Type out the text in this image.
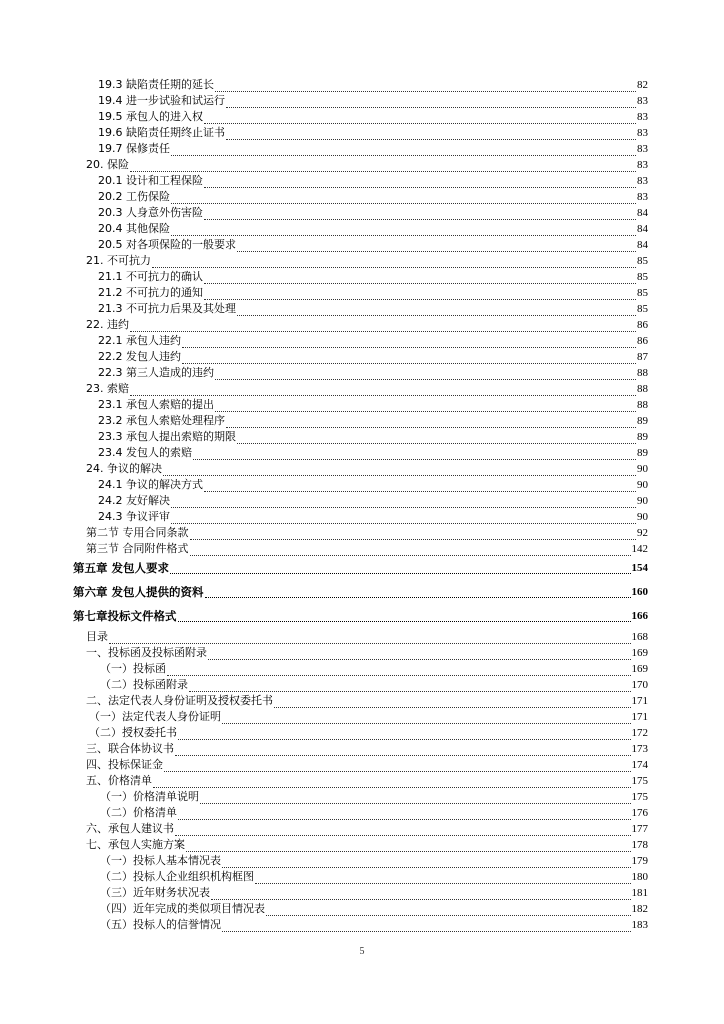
19.3 缺陷责任期的延长	82
19.4 进一步试验和试运行	83
19.5 承包人的进入权	83
19.6 缺陷责任期终止证书	83
19.7 保修责任	83
20. 保险	83
20.1 设计和工程保险	83
20.2 工伤保险	83
20.3 人身意外伤害险	84
20.4 其他保险	84
20.5 对各项保险的一般要求	84
21. 不可抗力	85
21.1 不可抗力的确认	85
21.2 不可抗力的通知	85
21.3 不可抗力后果及其处理	85
22. 违约	86
22.1 承包人违约	86
22.2 发包人违约	87
22.3 第三人造成的违约	88
23. 索赔	88
23.1 承包人索赔的提出	88
23.2 承包人索赔处理程序	89
23.3 承包人提出索赔的期限	89
23.4 发包人的索赔	89
24. 争议的解决	90
24.1 争议的解决方式	90
24.2 友好解决	90
24.3 争议评审	90
第二节 专用合同条款	92
第三节 合同附件格式	142
第五章 发包人要求	154
第六章 发包人提供的资料	160
第七章投标文件格式	166
目录	168
一、投标函及投标函附录	169
（一）投标函	169
（二）投标函附录	170
二、法定代表人身份证明及授权委托书	171
（一）法定代表人身份证明	171
（二）授权委托书	172
三、联合体协议书	173
四、投标保证金	174
五、价格清单	175
（一）价格清单说明	175
（二）价格清单	176
六、承包人建议书	177
七、承包人实施方案	178
（一）投标人基本情况表	179
（二）投标人企业组织机构框图	180
（三）近年财务状况表	181
（四）近年完成的类似项目情况表	182
（五）投标人的信誉情况	183
5
